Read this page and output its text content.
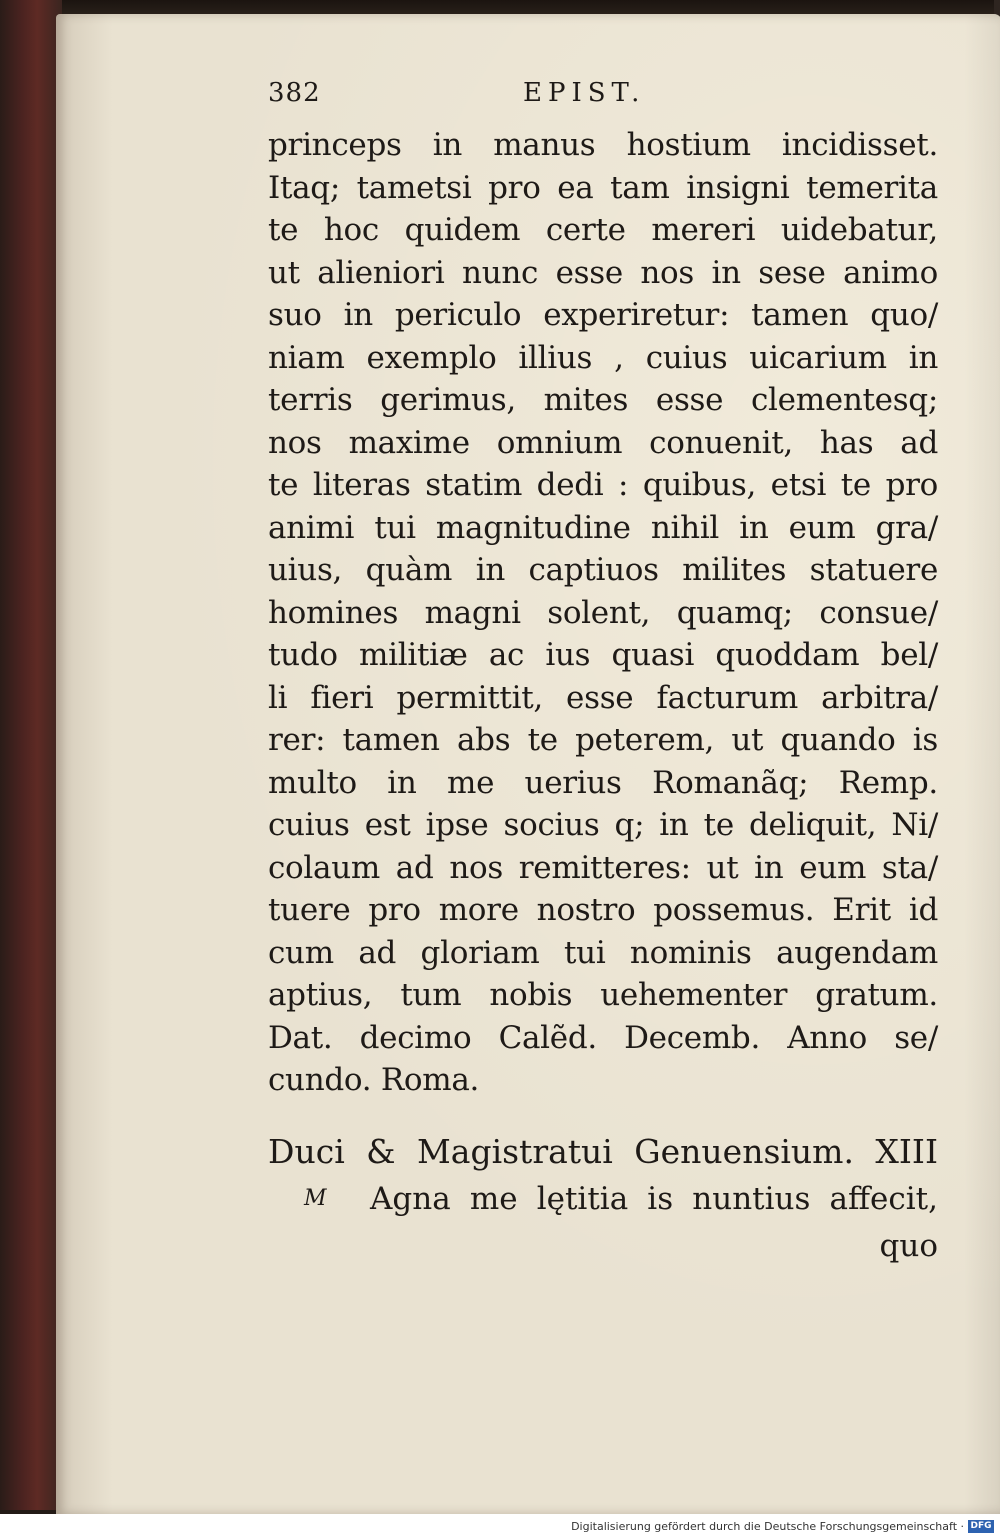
382	EPIST.
princeps in manus hostium incidisset.
Itaq; tametsi pro ea tam insigni temerita
te hoc quidem certe mereri uidebatur,
ut alieniori nunc esse nos in sese animo
suo in periculo experiretur: tamen quo/
niam exemplo illius , cuius uicarium in
terris gerimus, mites esse clementesq;
nos maxime omnium conuenit, has ad
te literas statim dedi : quibus, etsi te pro
animi tui magnitudine nihil in eum gra/
uius, quàm in captiuos milites statuere
homines magni solent, quamq; consue/
tudo militiæ ac ius quasi quoddam bel/
li fieri permittit, esse facturum arbitra/
rer: tamen abs te peterem, ut quando is
multo in me uerius Romanãq; Remp.
cuius est ipse socius q; in te deliquit, Ni/
colaum ad nos remitteres: ut in eum sta/
tuere pro more nostro possemus. Erit id
cum ad gloriam tui nominis augendam
aptius, tum nobis uehementer gratum.
Dat. decimo Calẽd. Decemb. Anno se/
cundo. Roma.
Duci & Magistratui Genuensium. XIII
M Agna me lętitia is nuntius affecit,
quo
Digitalisierung gefördert durch die Deutsche Forschungsgemeinschaft · DFG
